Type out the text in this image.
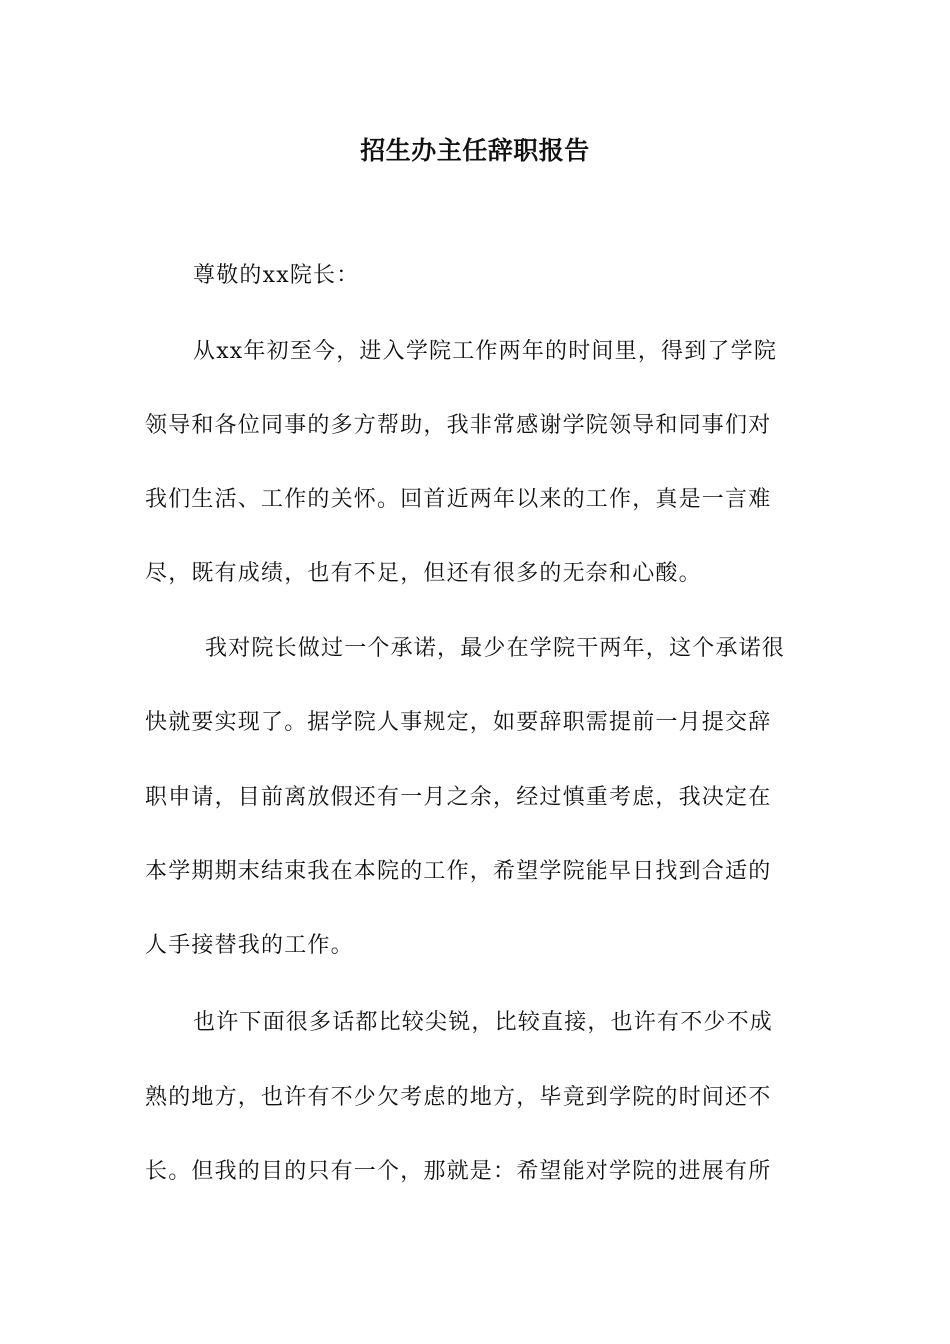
招生办主任辞职报告
尊敬的xx院长：
从xx年初至今，进入学院工作两年的时间里，得到了学院
领导和各位同事的多方帮助，我非常感谢学院领导和同事们对
我们生活、工作的关怀。回首近两年以来的工作，真是一言难
尽，既有成绩，也有不足，但还有很多的无奈和心酸。
我对院长做过一个承诺，最少在学院干两年，这个承诺很
快就要实现了。据学院人事规定，如要辞职需提前一月提交辞
职申请，目前离放假还有一月之余，经过慎重考虑，我决定在
本学期期末结束我在本院的工作，希望学院能早日找到合适的
人手接替我的工作。
也许下面很多话都比较尖锐，比较直接，也许有不少不成
熟的地方，也许有不少欠考虑的地方，毕竟到学院的时间还不
长。但我的目的只有一个，那就是：希望能对学院的进展有所
